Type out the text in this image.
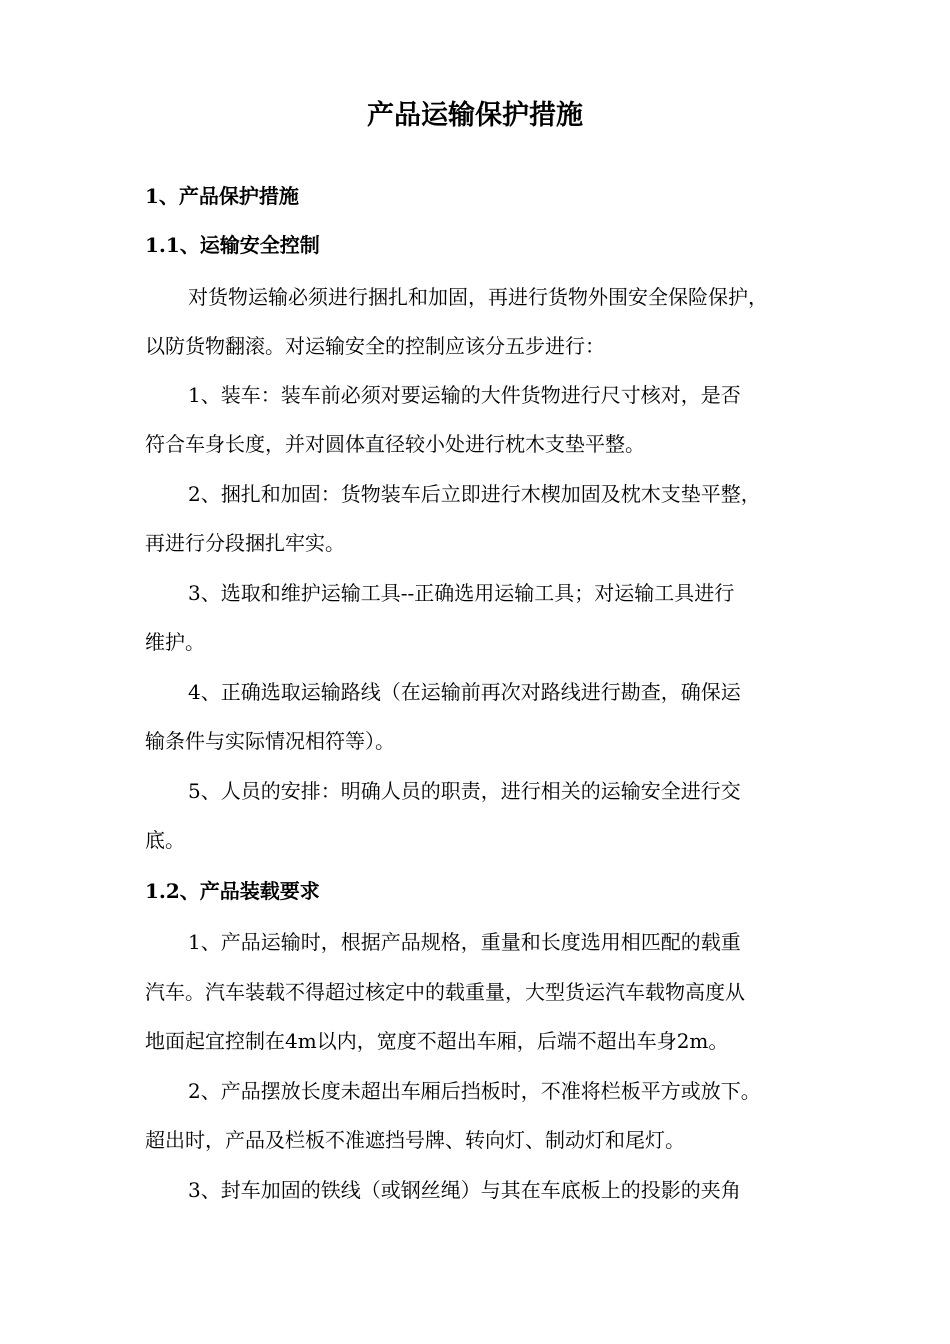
产品运输保护措施
1、产品保护措施
1.1、运输安全控制
对货物运输必须进行捆扎和加固，再进行货物外围安全保险保护，
以防货物翻滚。对运输安全的控制应该分五步进行：
1、装车：装车前必须对要运输的大件货物进行尺寸核对，是否
符合车身长度，并对圆体直径较小处进行枕木支垫平整。
2、捆扎和加固：货物装车后立即进行木楔加固及枕木支垫平整，
再进行分段捆扎牢实。
3、选取和维护运输工具--正确选用运输工具；对运输工具进行
维护。
4、正确选取运输路线（在运输前再次对路线进行勘查，确保运
输条件与实际情况相符等）。
5、人员的安排：明确人员的职责，进行相关的运输安全进行交
底。
1.2、产品装载要求
1、产品运输时，根据产品规格，重量和长度选用相匹配的载重
汽车。汽车装载不得超过核定中的载重量，大型货运汽车载物高度从
地面起宜控制在4m以内，宽度不超出车厢，后端不超出车身2m。
2、产品摆放长度未超出车厢后挡板时，不准将栏板平方或放下。
超出时，产品及栏板不准遮挡号牌、转向灯、制动灯和尾灯。
3、封车加固的铁线（或钢丝绳）与其在车底板上的投影的夹角
